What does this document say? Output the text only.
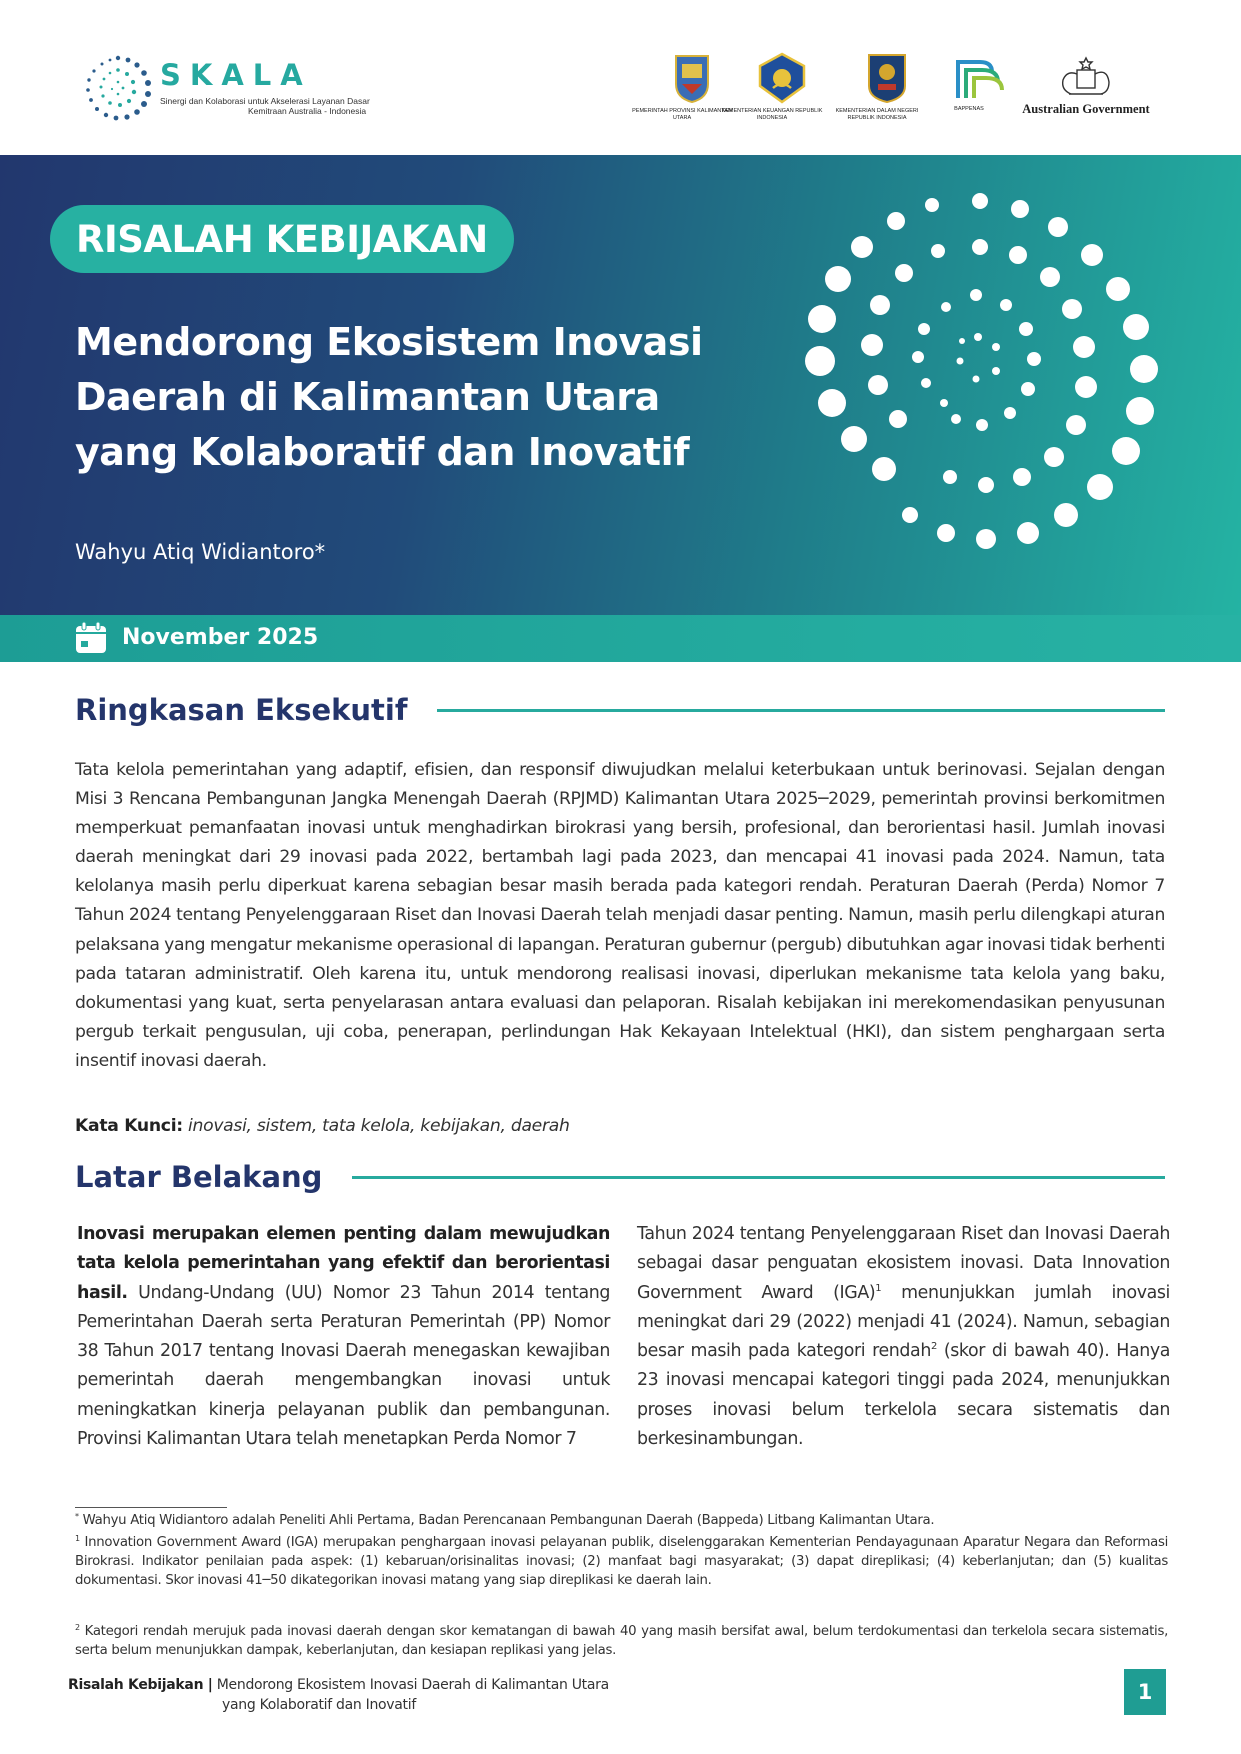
SKALA
Sinergi dan Kolaborasi untuk Akselerasi Layanan Dasar
Kemitraan Australia - Indonesia	PEMERINTAH PROVINSI KALIMANTAN UTARA
KEMENTERIAN KEUANGAN REPUBLIK INDONESIA
KEMENTERIAN DALAM NEGERI REPUBLIK INDONESIA
BAPPENAS	Australian Government
RISALAH KEBIJAKAN
Mendorong Ekosistem Inovasi
Daerah di Kalimantan Utara
yang Kolaboratif dan Inovatif
Wahyu Atiq Widiantoro*
November 2025
Ringkasan Eksekutif

Tata kelola pemerintahan yang adaptif, efisien, dan responsif diwujudkan melalui keterbukaan untuk berinovasi. Sejalan dengan Misi 3 Rencana Pembangunan Jangka Menengah Daerah (RPJMD) Kalimantan Utara 2025─2029, pemerintah provinsi berkomitmen memperkuat pemanfaatan inovasi untuk menghadirkan birokrasi yang bersih, profesional, dan berorientasi hasil. Jumlah inovasi daerah meningkat dari 29 inovasi pada 2022, bertambah lagi pada 2023, dan mencapai 41 inovasi pada 2024. Namun, tata kelolanya masih perlu diperkuat karena sebagian besar masih berada pada kategori rendah. Peraturan Daerah (Perda) Nomor 7 Tahun 2024 tentang Penyelenggaraan Riset dan Inovasi Daerah telah menjadi dasar penting. Namun, masih perlu dilengkapi aturan pelaksana yang mengatur mekanisme operasional di lapangan. Peraturan gubernur (pergub) dibutuhkan agar inovasi tidak berhenti pada tataran administratif. Oleh karena itu, untuk mendorong realisasi inovasi, diperlukan mekanisme tata kelola yang baku, dokumentasi yang kuat, serta penyelarasan antara evaluasi dan pelaporan. Risalah kebijakan ini merekomendasikan penyusunan pergub terkait pengusulan, uji coba, penerapan, perlindungan Hak Kekayaan Intelektual (HKI), dan sistem penghargaan serta insentif inovasi daerah.

Kata Kunci: inovasi, sistem, tata kelola, kebijakan, daerah
Latar Belakang

Inovasi merupakan elemen penting dalam mewujudkan tata kelola pemerintahan yang efektif dan berorientasi hasil. Undang-Undang (UU) Nomor 23 Tahun 2014 tentang Pemerintahan Daerah serta Peraturan Pemerintah (PP) Nomor 38 Tahun 2017 tentang Inovasi Daerah menegaskan kewajiban pemerintah daerah mengembangkan inovasi untuk meningkatkan kinerja pelayanan publik dan pembangunan. Provinsi Kalimantan Utara telah menetapkan Perda Nomor 7

Tahun 2024 tentang Penyelenggaraan Riset dan Inovasi Daerah sebagai dasar penguatan ekosistem inovasi. Data Innovation Government Award (IGA)$^1$ menunjukkan jumlah inovasi meningkat dari 29 (2022) menjadi 41 (2024). Namun, sebagian besar masih pada kategori rendah$^2$ (skor di bawah 40). Hanya 23 inovasi mencapai kategori tinggi pada 2024, menunjukkan proses inovasi belum terkelola secara sistematis dan berkesinambungan.

* Wahyu Atiq Widiantoro adalah Peneliti Ahli Pertama, Badan Perencanaan Pembangunan Daerah (Bappeda) Litbang Kalimantan Utara.

$^1$ Innovation Government Award (IGA) merupakan penghargaan inovasi pelayanan publik, diselenggarakan Kementerian Pendayagunaan Aparatur Negara dan Reformasi Birokrasi. Indikator penilaian pada aspek: (1) kebaruan/orisinalitas inovasi; (2) manfaat bagi masyarakat; (3) dapat direplikasi; (4) keberlanjutan; dan (5) kualitas dokumentasi. Skor inovasi 41─50 dikategorikan inovasi matang yang siap direplikasi ke daerah lain.

$^2$ Kategori rendah merujuk pada inovasi daerah dengan skor kematangan di bawah 40 yang masih bersifat awal, belum terdokumentasi dan terkelola secara sistematis, serta belum menunjukkan dampak, keberlanjutan, dan kesiapan replikasi yang jelas.

Risalah Kebijakan | Mendorong Ekosistem Inovasi Daerah di Kalimantan Utara
yang Kolaboratif dan Inovatif
1
